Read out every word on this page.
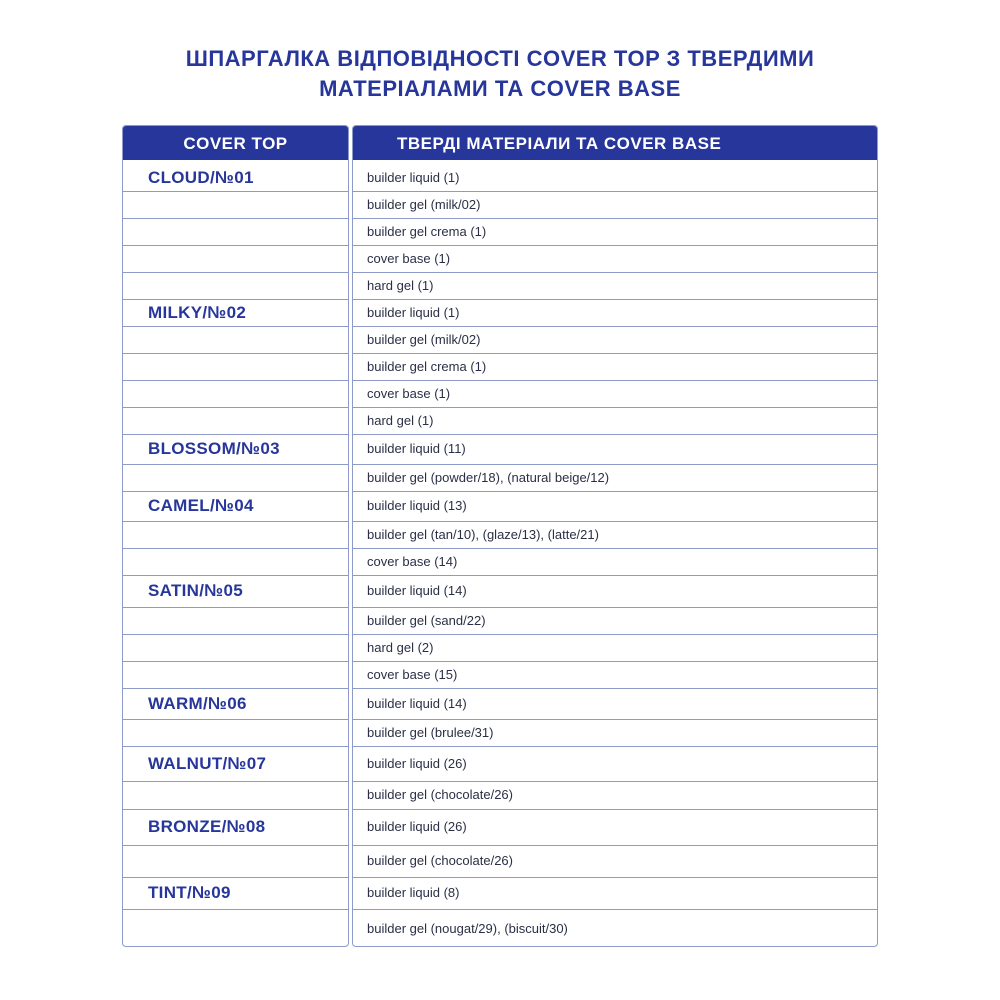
ШПАРГАЛКА ВІДПОВІДНОСТІ COVER TOP З ТВЕРДИМИ
МАТЕРІАЛАМИ ТА COVER BASE
COVER TOP
CLOUD/№01
MILKY/№02
BLOSSOM/№03
CAMEL/№04
SATIN/№05
WARM/№06
WALNUT/№07
BRONZE/№08
TINT/№09
ТВЕРДІ МАТЕРІАЛИ ТА COVER BASE
builder liquid (1)
builder gel (milk/02)
builder gel crema (1)
cover base (1)
hard gel (1)
builder liquid (1)
builder gel (milk/02)
builder gel crema (1)
cover base (1)
hard gel (1)
builder liquid (11)
builder gel (powder/18), (natural beige/12)
builder liquid (13)
builder gel (tan/10), (glaze/13), (latte/21)
cover base (14)
builder liquid (14)
builder gel (sand/22)
hard gel (2)
cover base (15)
builder liquid (14)
builder gel (brulee/31)
builder liquid (26)
builder gel (chocolate/26)
builder liquid (26)
builder gel (chocolate/26)
builder liquid (8)
builder gel (nougat/29), (biscuit/30)
